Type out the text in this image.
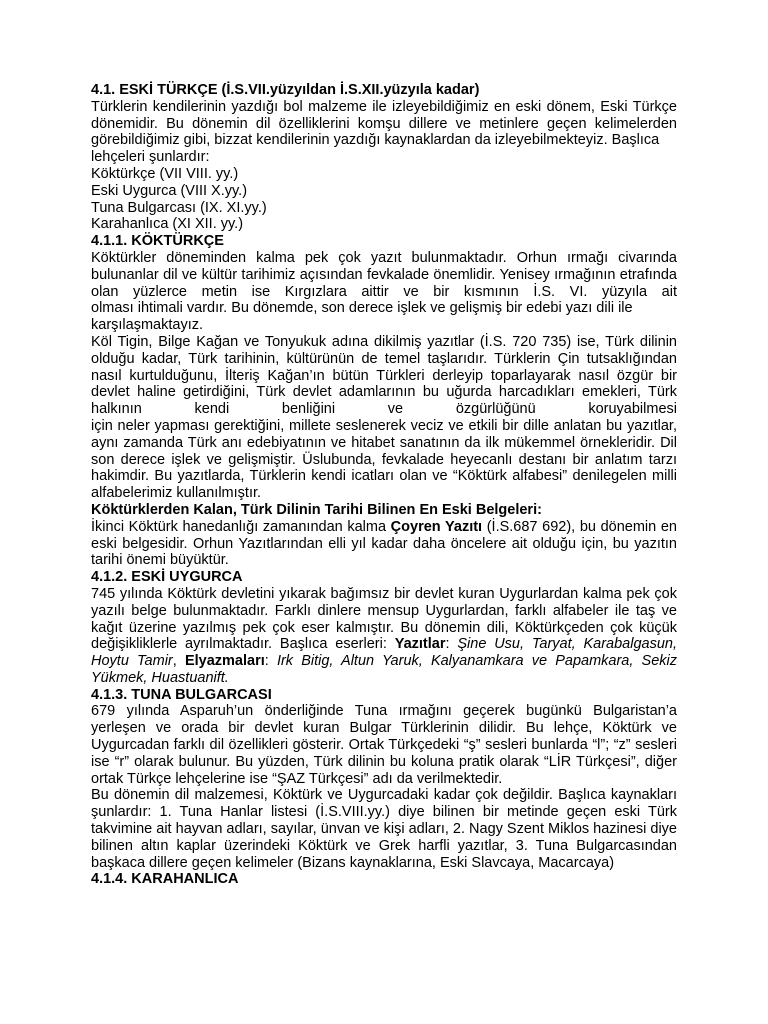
4.1. ESKİ TÜRKÇE (İ.S.VII.yüzyıldan İ.S.XII.yüzyıla kadar)

Türklerin kendilerinin yazdığı bol malzeme ile izleyebildiğimiz en eski dönem, Eski Türkçe dönemidir. Bu dönemin dil özelliklerini komşu dillere ve metinlere geçen kelimelerden görebildiğimiz gibi, bizzat kendilerinin yazdığı kaynaklardan da izleyebilmekteyiz. Başlıca

lehçeleri şunlardır:

Köktürkçe (VII VIII. yy.)
Eski Uygurca (VIII X.yy.)
Tuna Bulgarcası (IX. XI.yy.)
Karahanlıca (XI XII. yy.)
4.1.1. KÖKTÜRKÇE

Köktürkler döneminden kalma pek çok yazıt bulunmaktadır. Orhun ırmağı civarında bulunanlar dil ve kültür tarihimiz açısından fevkalade önemlidir. Yenisey ırmağının etrafında olan yüzlerce metin ise Kırgızlara aittir ve bir kısmının İ.S. VI. yüzyıla ait

olması ihtimali vardır. Bu dönemde, son derece işlek ve gelişmiş bir edebi yazı dili ile

karşılaşmaktayız.

Köl Tigin, Bilge Kağan ve Tonyukuk adına dikilmiş yazıtlar (İ.S. 720 735) ise, Türk dilinin olduğu kadar, Türk tarihinin, kültürünün de temel taşlarıdır. Türklerin Çin tutsaklığından nasıl kurtulduğunu, İlteriş Kağan’ın bütün Türkleri derleyip toparlayarak nasıl özgür bir devlet haline getirdiğini, Türk devlet adamlarının bu uğurda harcadıkları emekleri, Türk halkının kendi benliğini ve özgürlüğünü koruyabilmesi

için neler yapması gerektiğini, millete seslenerek veciz ve etkili bir dille anlatan bu yazıtlar, aynı zamanda Türk anı edebiyatının ve hitabet sanatının da ilk mükemmel örnekleridir. Dil son derece işlek ve gelişmiştir. Üslubunda, fevkalade heyecanlı destanı bir anlatım tarzı hakimdir. Bu yazıtlarda, Türklerin kendi icatları olan ve “Köktürk alfabesi” denilegelen milli alfabelerimiz kullanılmıştır.

Köktürklerden Kalan, Türk Dilinin Tarihi Bilinen En Eski Belgeleri:

İkinci Köktürk hanedanlığı zamanından kalma Çoyren Yazıtı (İ.S.687 692), bu dönemin en eski belgesidir. Orhun Yazıtlarından elli yıl kadar daha öncelere ait olduğu için, bu yazıtın tarihi önemi büyüktür.

4.1.2. ESKİ UYGURCA

745 yılında Köktürk devletini yıkarak bağımsız bir devlet kuran Uygurlardan kalma pek çok yazılı belge bulunmaktadır. Farklı dinlere mensup Uygurlardan, farklı alfabeler ile taş ve kağıt üzerine yazılmış pek çok eser kalmıştır. Bu dönemin dili, Köktürkçeden çok küçük değişikliklerle ayrılmaktadır. Başlıca eserleri: Yazıtlar: Şine Usu, Taryat, Karabalgasun, Hoytu Tamir, Elyazmaları: Irk Bitig, Altun Yaruk, Kalyanamkara ve Papamkara, Sekiz Yükmek, Huastuanift.

4.1.3. TUNA BULGARCASI

679 yılında Asparuh’un önderliğinde Tuna ırmağını geçerek bugünkü Bulgaristan’a yerleşen ve orada bir devlet kuran Bulgar Türklerinin dilidir. Bu lehçe, Köktürk ve Uygurcadan farklı dil özellikleri gösterir. Ortak Türkçedeki “ş” sesleri bunlarda “l”; “z” sesleri ise “r” olarak bulunur. Bu yüzden, Türk dilinin bu koluna pratik olarak “LİR Türkçesi”, diğer ortak Türkçe lehçelerine ise “ŞAZ Türkçesi” adı da verilmektedir.

Bu dönemin dil malzemesi, Köktürk ve Uygurcadaki kadar çok değildir. Başlıca kaynakları şunlardır: 1. Tuna Hanlar listesi (İ.S.VIII.yy.) diye bilinen bir metinde geçen eski Türk takvimine ait hayvan adları, sayılar, ünvan ve kişi adları, 2. Nagy Szent Miklos hazinesi diye bilinen altın kaplar üzerindeki Köktürk ve Grek harfli yazıtlar, 3. Tuna Bulgarcasından başkaca dillere geçen kelimeler (Bizans kaynaklarına, Eski Slavcaya, Macarcaya)

4.1.4. KARAHANLICA
